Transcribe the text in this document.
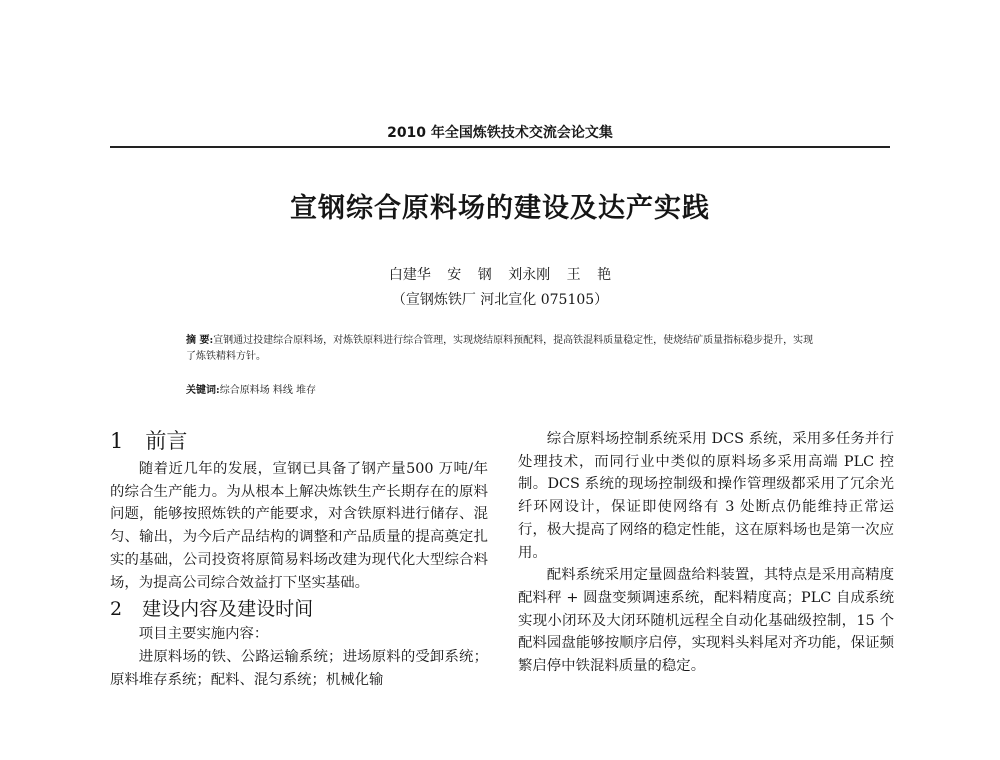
2010 年全国炼铁技术交流会论文集
宣钢综合原料场的建设及达产实践
白建华 安 钢 刘永刚 王 艳
（宣钢炼铁厂 河北宣化 075105）
摘 要:宣钢通过投建综合原料场，对炼铁原料进行综合管理，实现烧结原料预配料，提高铁混料质量稳定性，使烧结矿质量指标稳步提升，实现了炼铁精料方针。
关键词:综合原料场 料线 堆存
1 前言

随着近几年的发展，宣钢已具备了钢产量500 万吨/年的综合生产能力。为从根本上解决炼铁生产长期存在的原料问题，能够按照炼铁的产能要求，对含铁原料进行储存、混匀、输出，为今后产品结构的调整和产品质量的提高奠定扎实的基础，公司投资将原简易料场改建为现代化大型综合料场，为提高公司综合效益打下坚实基础。

2 建设内容及建设时间

项目主要实施内容：

进原料场的铁、公路运输系统；进场原料的受卸系统；原料堆存系统；配料、混匀系统；机械化输

综合原料场控制系统采用 DCS 系统，采用多任务并行处理技术，而同行业中类似的原料场多采用高端 PLC 控制。DCS 系统的现场控制级和操作管理级都采用了冗余光纤环网设计，保证即使网络有 3 处断点仍能维持正常运行，极大提高了网络的稳定性能，这在原料场也是第一次应用。

配料系统采用定量圆盘给料装置，其特点是采用高精度配料秤 + 圆盘变频调速系统，配料精度高；PLC 自成系统实现小闭环及大闭环随机远程全自动化基础级控制，15 个配料园盘能够按顺序启停，实现料头料尾对齐功能，保证频繁启停中铁混料质量的稳定。
